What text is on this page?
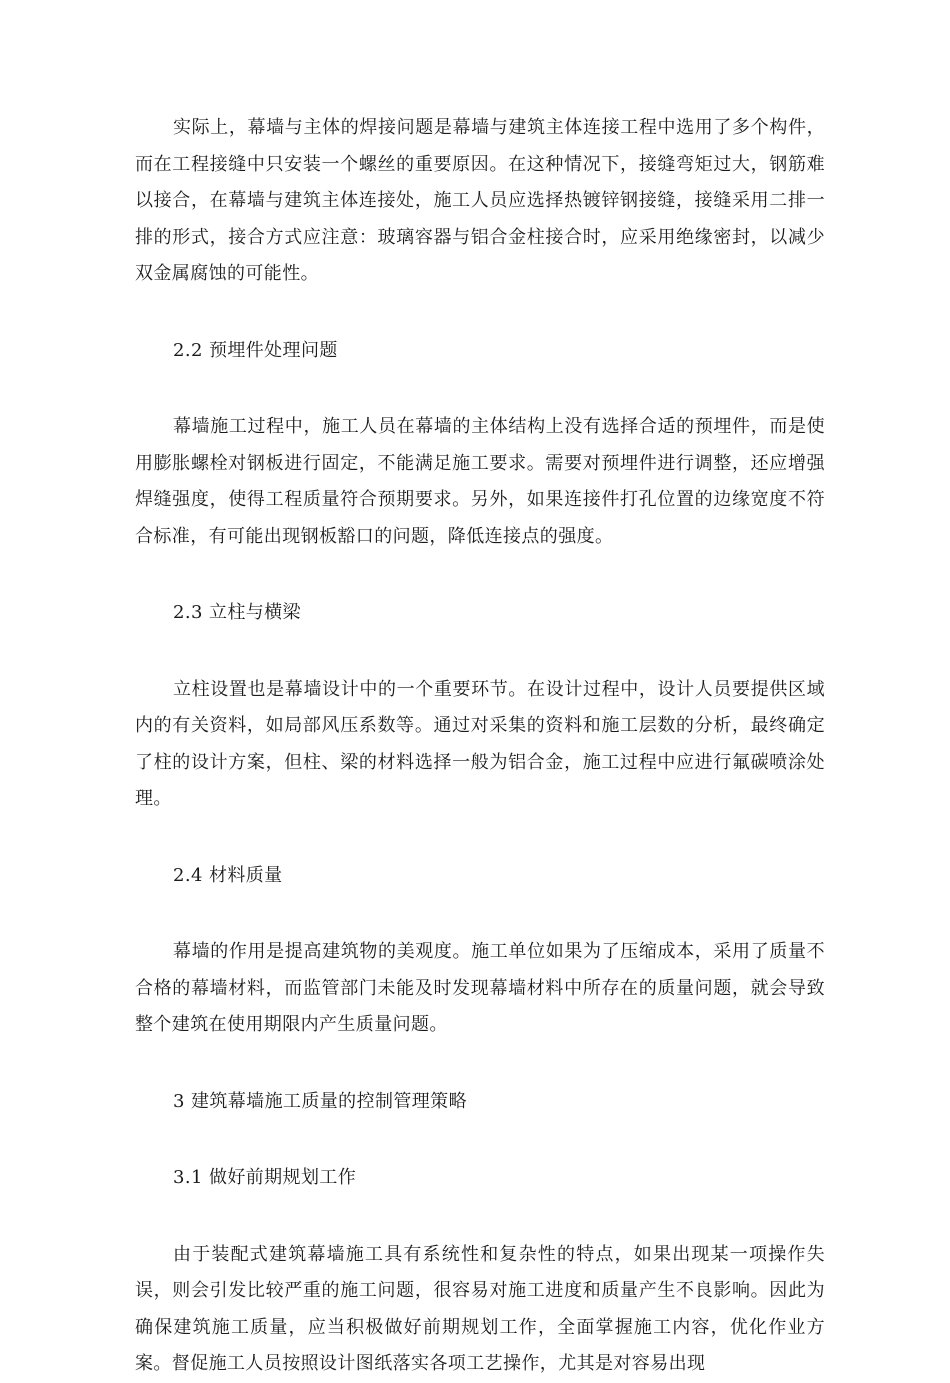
实际上，幕墙与主体的焊接问题是幕墙与建筑主体连接工程中选用了多个构件，而在工程接缝中只安装一个螺丝的重要原因。在这种情况下，接缝弯矩过大，钢筋难以接合，在幕墙与建筑主体连接处，施工人员应选择热镀锌钢接缝，接缝采用二排一排的形式，接合方式应注意：玻璃容器与铝合金柱接合时，应采用绝缘密封，以减少双金属腐蚀的可能性。

2.2 预埋件处理问题

幕墙施工过程中，施工人员在幕墙的主体结构上没有选择合适的预埋件，而是使用膨胀螺栓对钢板进行固定，不能满足施工要求。需要对预埋件进行调整，还应增强焊缝强度，使得工程质量符合预期要求。另外，如果连接件打孔位置的边缘宽度不符合标准，有可能出现钢板豁口的问题，降低连接点的强度。

2.3 立柱与横梁

立柱设置也是幕墙设计中的一个重要环节。在设计过程中，设计人员要提供区域内的有关资料，如局部风压系数等。通过对采集的资料和施工层数的分析，最终确定了柱的设计方案，但柱、梁的材料选择一般为铝合金，施工过程中应进行氟碳喷涂处理。

2.4 材料质量

幕墙的作用是提高建筑物的美观度。施工单位如果为了压缩成本，采用了质量不合格的幕墙材料，而监管部门未能及时发现幕墙材料中所存在的质量问题，就会导致整个建筑在使用期限内产生质量问题。

3 建筑幕墙施工质量的控制管理策略

3.1 做好前期规划工作

由于装配式建筑幕墙施工具有系统性和复杂性的特点，如果出现某一项操作失误，则会引发比较严重的施工问题，很容易对施工进度和质量产生不良影响。因此为确保建筑施工质量，应当积极做好前期规划工作，全面掌握施工内容，优化作业方案。督促施工人员按照设计图纸落实各项工艺操作，尤其是对容易出现
